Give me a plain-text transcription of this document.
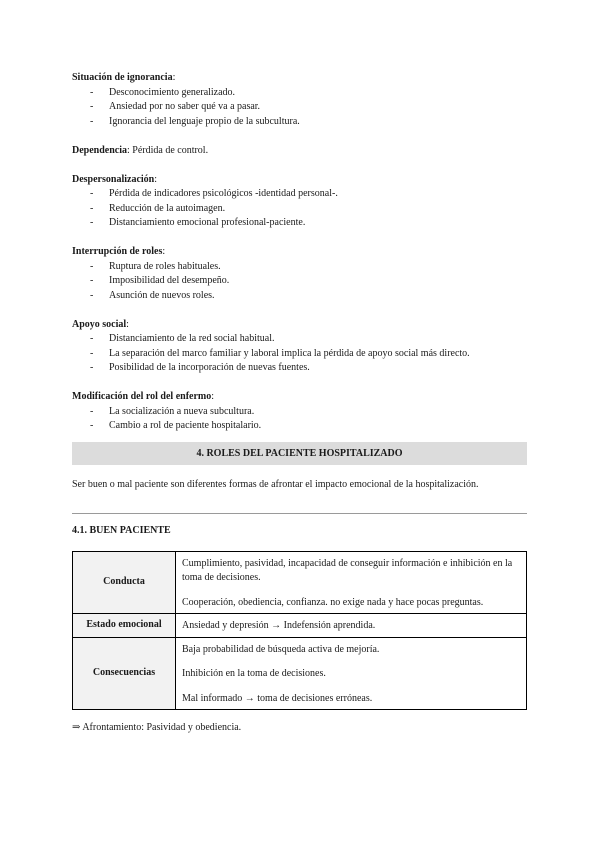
Situación de ignorancia:

- Desconocimiento generalizado.
- Ansiedad por no saber qué va a pasar.
- Ignorancia del lenguaje propio de la subcultura.

Dependencia: Pérdida de control.

Despersonalización:

- Pérdida de indicadores psicológicos -identidad personal-.
- Reducción de la autoimagen.
- Distanciamiento emocional profesional-paciente.

Interrupción de roles:

- Ruptura de roles habituales.
- Imposibilidad del desempeño.
- Asunción de nuevos roles.

Apoyo social:

- Distanciamiento de la red social habitual.
- La separación del marco familiar y laboral implica la pérdida de apoyo social más directo.
- Posibilidad de la incorporación de nuevas fuentes.

Modificación del rol del enfermo:

- La socialización a nueva subcultura.
- Cambio a rol de paciente hospitalario.
4. ROLES DEL PACIENTE HOSPITALIZADO

Ser buen o mal paciente son diferentes formas de afrontar el impacto emocional de la hospitalización.

4.1. BUEN PACIENTE

Conducta	Cumplimiento, pasividad, incapacidad de conseguir información e inhibición en la toma de decisiones.

Cooperación, obediencia, confianza. no exige nada y hace pocas preguntas.

Estado emocional	Ansiedad y depresión → Indefensión aprendida.

Consecuencias	Baja probabilidad de búsqueda activa de mejoría.

Inhibición en la toma de decisiones.

Mal informado → toma de decisiones erróneas.

⇒ Afrontamiento: Pasividad y obediencia.
